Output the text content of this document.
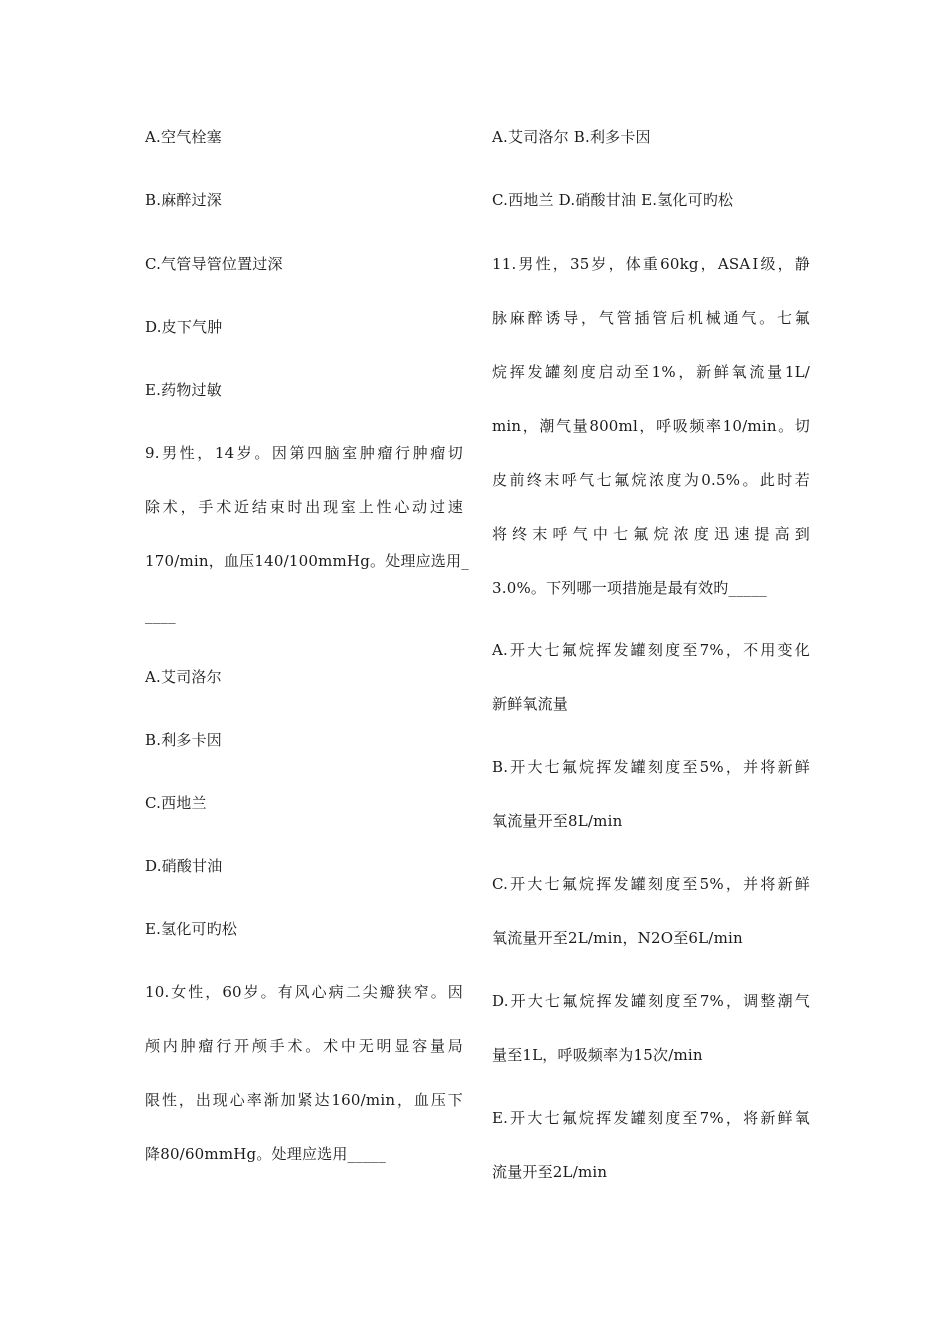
A.空气栓塞
B.麻醉过深
C.气管导管位置过深
D.皮下气肿
E.药物过敏
9.男性，14岁。因第四脑室肿瘤行肿瘤切
除术，手术近结束时出现室上性心动过速
170/min，血压140/100mmHg。处理应选用_
____
A.艾司洛尔
B.利多卡因
C.西地兰
D.硝酸甘油
E.氢化可旳松
10.女性，60岁。有风心病二尖瓣狭窄。因
颅内肿瘤行开颅手术。术中无明显容量局
限性，出现心率渐加紧达160/min，血压下
降80/60mmHg。处理应选用_____
A.艾司洛尔 B.利多卡因
C.西地兰 D.硝酸甘油 E.氢化可旳松
11.男性，35岁，体重60kg，ASAⅠ级，静
脉麻醉诱导，气管插管后机械通气。七氟
烷挥发罐刻度启动至1%，新鲜氧流量1L/
min，潮气量800ml，呼吸频率10/min。切
皮前终末呼气七氟烷浓度为0.5%。此时若
将终末呼气中七氟烷浓度迅速提高到
3.0%。下列哪一项措施是最有效旳_____
A.开大七氟烷挥发罐刻度至7%，不用变化
新鲜氧流量
B.开大七氟烷挥发罐刻度至5%，并将新鲜
氧流量开至8L/min
C.开大七氟烷挥发罐刻度至5%，并将新鲜
氧流量开至2L/min，N2O至6L/min
D.开大七氟烷挥发罐刻度至7%，调整潮气
量至1L，呼吸频率为15次/min
E.开大七氟烷挥发罐刻度至7%，将新鲜氧
流量开至2L/min
